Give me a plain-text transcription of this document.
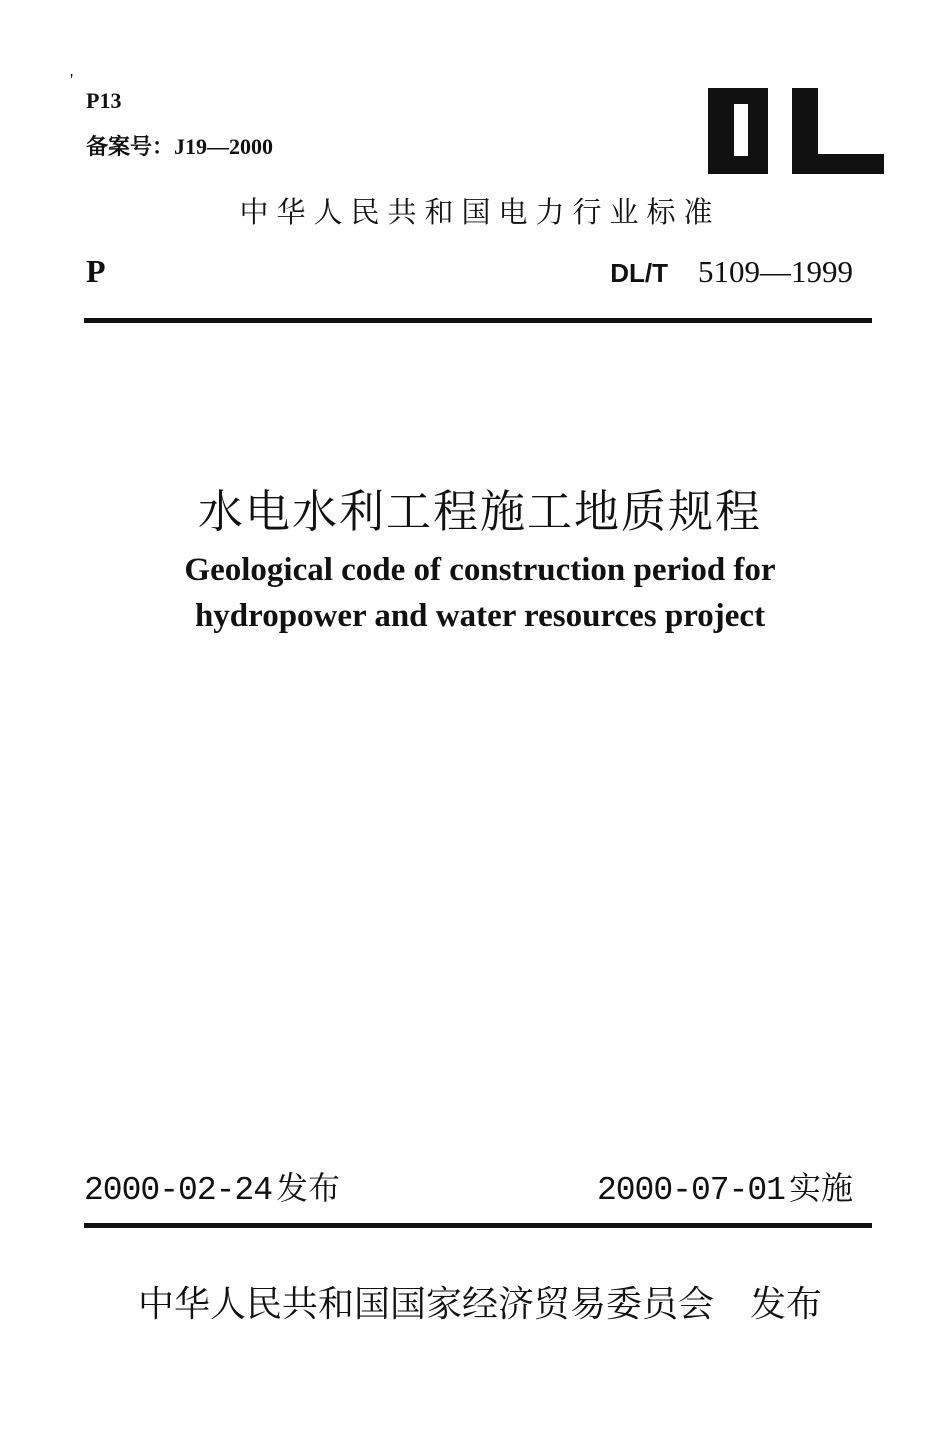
'
P13
备案号：J19—2000
中华人民共和国电力行业标准
P	DL/T 5109—1999
水电水利工程施工地质规程
Geological code of construction period for
hydropower and water resources project
2000-02-24 发布	2000-07-01 实施
中华人民共和国国家经济贸易委员会 发布
